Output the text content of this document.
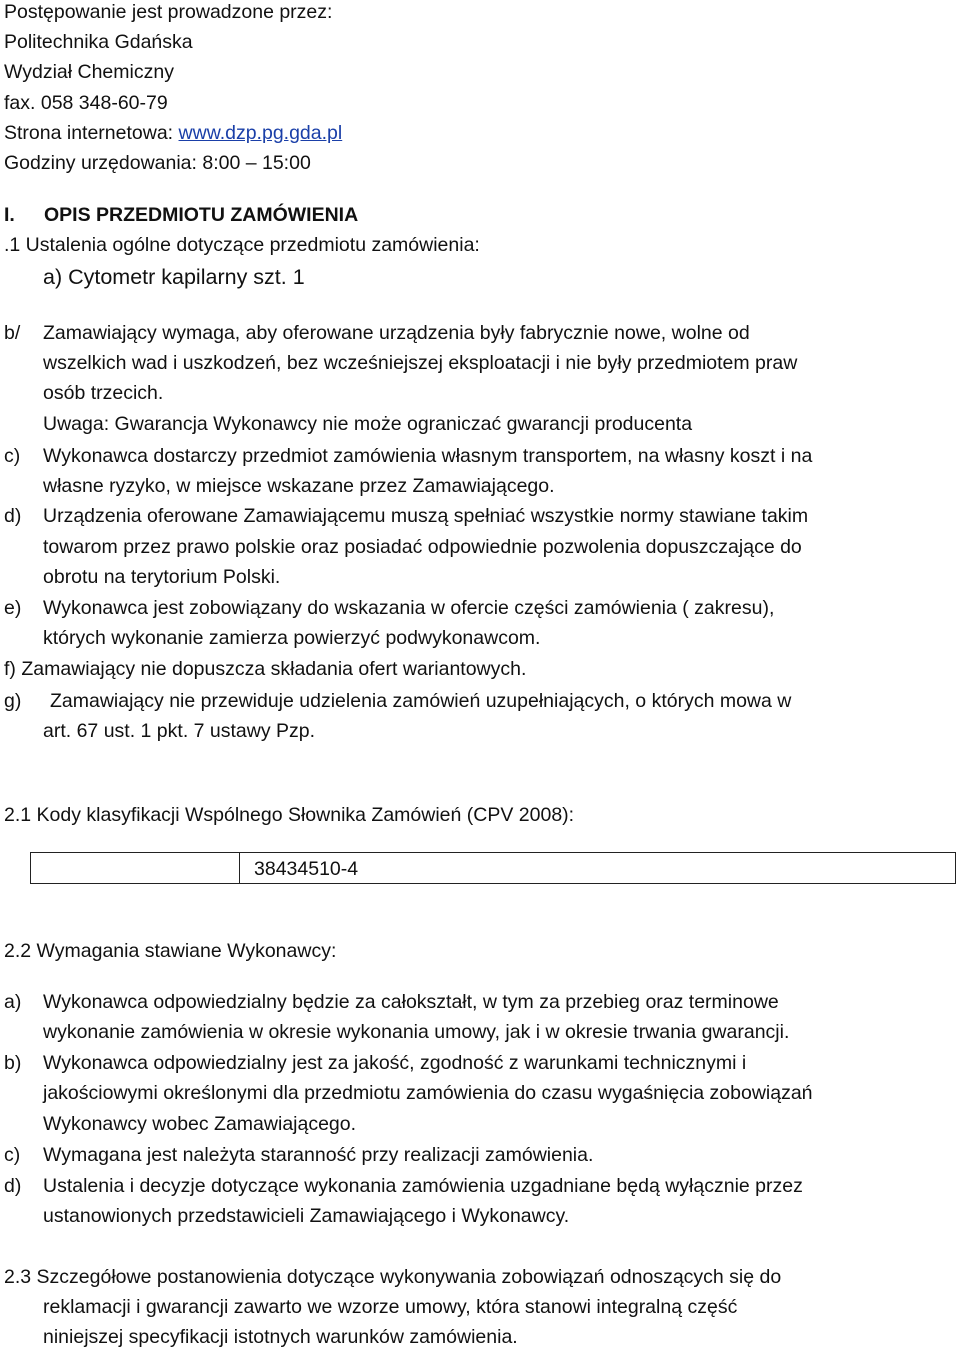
Postępowanie jest prowadzone przez:
Politechnika Gdańska
Wydział Chemiczny
fax. 058 348-60-79
Strona internetowa: www.dzp.pg.gda.pl
Godziny urzędowania: 8:00 – 15:00
I. OPIS PRZEDMIOTU ZAMÓWIENIA
.1 Ustalenia ogólne dotyczące przedmiotu zamówienia:
a) Cytometr kapilarny szt. 1
b/ Zamawiający wymaga, aby oferowane urządzenia były fabrycznie nowe, wolne od
wszelkich wad i uszkodzeń, bez wcześniejszej eksploatacji i nie były przedmiotem praw
osób trzecich.
Uwaga: Gwarancja Wykonawcy nie może ograniczać gwarancji producenta
c) Wykonawca dostarczy przedmiot zamówienia własnym transportem, na własny koszt i na
własne ryzyko, w miejsce wskazane przez Zamawiającego.
d) Urządzenia oferowane Zamawiającemu muszą spełniać wszystkie normy stawiane takim
towarom przez prawo polskie oraz posiadać odpowiednie pozwolenia dopuszczające do
obrotu na terytorium Polski.
e) Wykonawca jest zobowiązany do wskazania w ofercie części zamówienia ( zakresu),
których wykonanie zamierza powierzyć podwykonawcom.
f) Zamawiający nie dopuszcza składania ofert wariantowych.
g) Zamawiający nie przewiduje udzielenia zamówień uzupełniających, o których mowa w
art. 67 ust. 1 pkt. 7 ustawy Pzp.
2.1 Kody klasyfikacji Wspólnego Słownika Zamówień (CPV 2008):
38434510-4
2.2 Wymagania stawiane Wykonawcy:
a) Wykonawca odpowiedzialny będzie za całokształt, w tym za przebieg oraz terminowe
wykonanie zamówienia w okresie wykonania umowy, jak i w okresie trwania gwarancji.
b) Wykonawca odpowiedzialny jest za jakość, zgodność z warunkami technicznymi i
jakościowymi określonymi dla przedmiotu zamówienia do czasu wygaśnięcia zobowiązań
Wykonawcy wobec Zamawiającego.
c) Wymagana jest należyta staranność przy realizacji zamówienia.
d) Ustalenia i decyzje dotyczące wykonania zamówienia uzgadniane będą wyłącznie przez
ustanowionych przedstawicieli Zamawiającego i Wykonawcy.
2.3 Szczegółowe postanowienia dotyczące wykonywania zobowiązań odnoszących się do
reklamacji i gwarancji zawarto we wzorze umowy, która stanowi integralną część
niniejszej specyfikacji istotnych warunków zamówienia.
